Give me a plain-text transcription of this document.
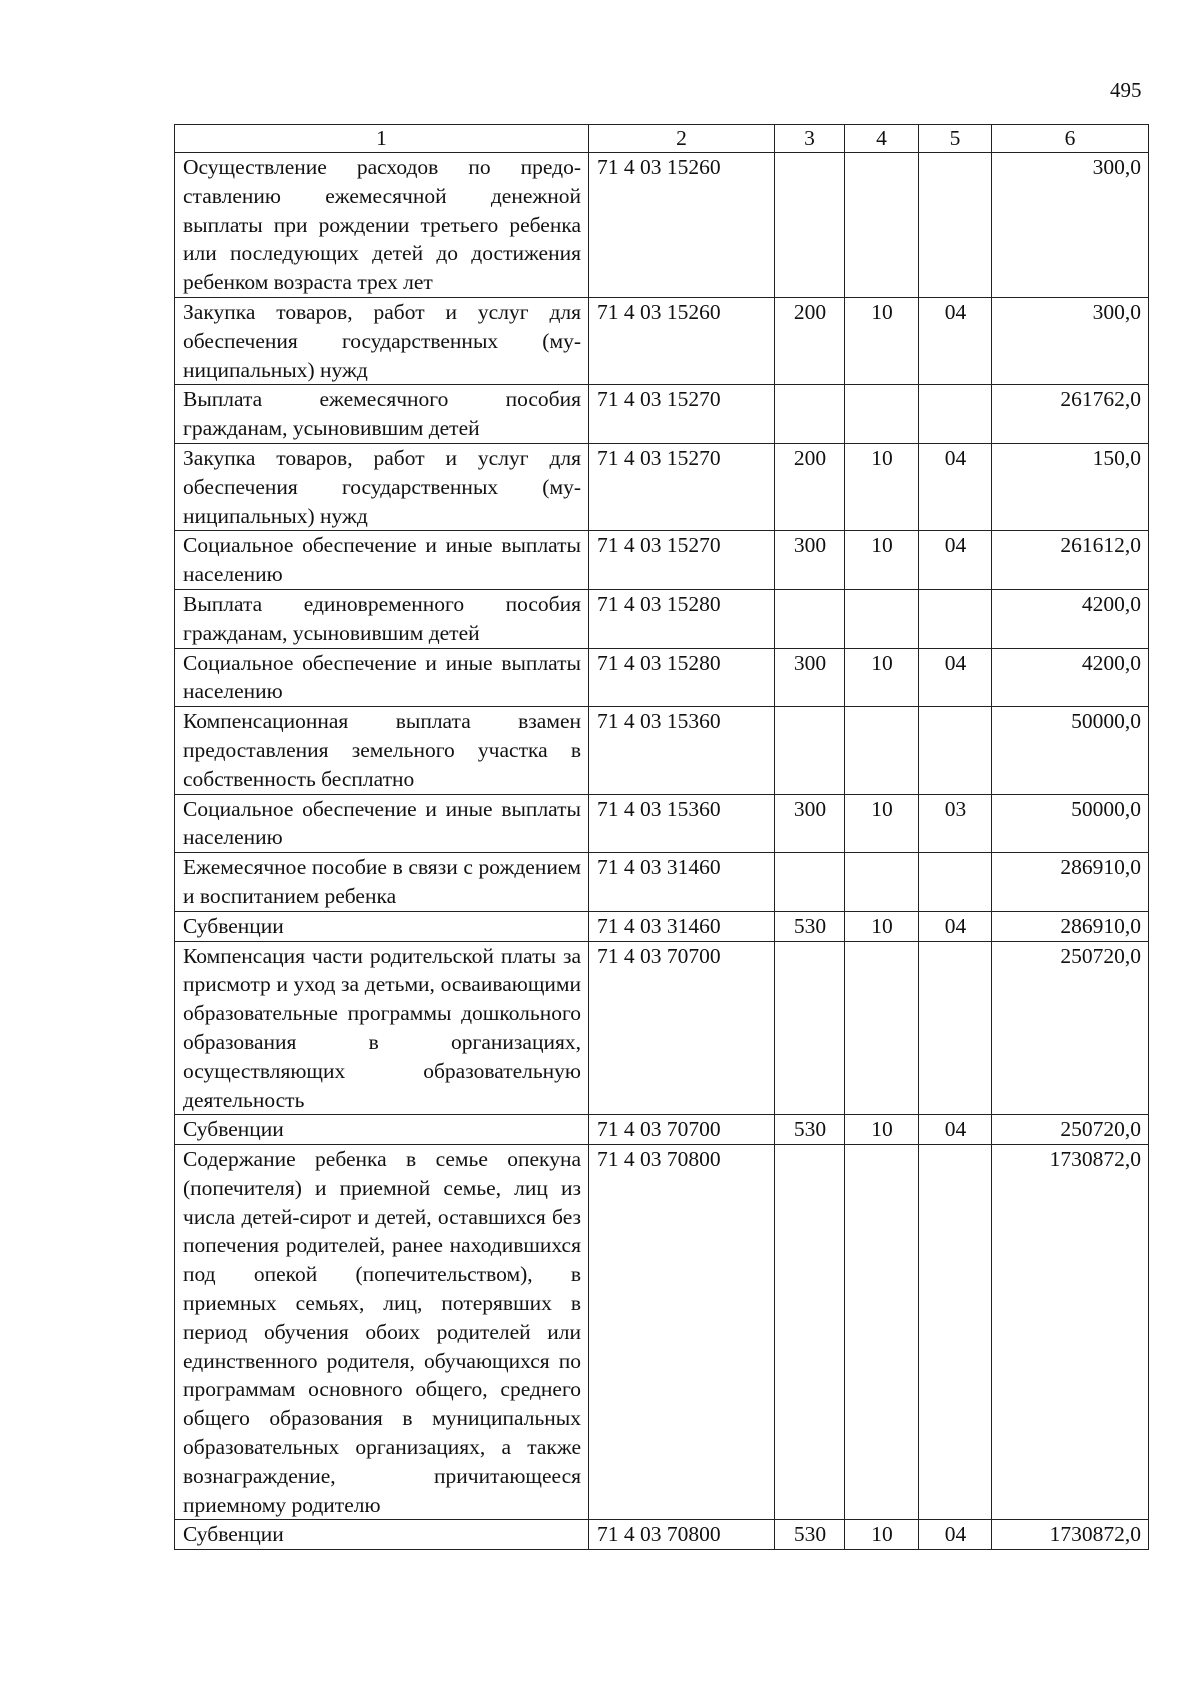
495
1	2	3	4	5	6
Осуществление расходов по предоставлению ежемесячной денежной выплаты при рождении третьего ребенка или последующих детей до достижения ребенком возраста трех лет	71 4 03 15260				300,0
Закупка товаров, работ и услуг для обеспечения государственных (муниципальных) нужд	71 4 03 15260	200	10	04	300,0
Выплата ежемесячного пособия гражданам, усыновившим детей	71 4 03 15270				261762,0
Закупка товаров, работ и услуг для обеспечения государственных (муниципальных) нужд	71 4 03 15270	200	10	04	150,0
Социальное обеспечение и иные выплаты населению	71 4 03 15270	300	10	04	261612,0
Выплата единовременного пособия гражданам, усыновившим детей	71 4 03 15280				4200,0
Социальное обеспечение и иные выплаты населению	71 4 03 15280	300	10	04	4200,0
Компенсационная выплата взамен предоставления земельного участка в собственность бесплатно	71 4 03 15360				50000,0
Социальное обеспечение и иные выплаты населению	71 4 03 15360	300	10	03	50000,0
Ежемесячное пособие в связи с рождением и воспитанием ребенка	71 4 03 31460				286910,0
Субвенции	71 4 03 31460	530	10	04	286910,0
Компенсация части родительской платы за присмотр и уход за детьми, осваивающими образовательные программы дошкольного образования в организациях, осуществляющих образовательную деятельность	71 4 03 70700				250720,0
Субвенции	71 4 03 70700	530	10	04	250720,0
Содержание ребенка в семье опекуна (попечителя) и приемной семье, лиц из числа детей-сирот и детей, оставшихся без попечения родителей, ранее находившихся под опекой (попечительством), в приемных семьях, лиц, потерявших в период обучения обоих родителей или единственного родителя, обучающихся по программам основного общего, среднего общего образования в муниципальных образовательных организациях, а также вознаграждение, причитающееся приемному родителю	71 4 03 70800				1730872,0
Субвенции	71 4 03 70800	530	10	04	1730872,0
